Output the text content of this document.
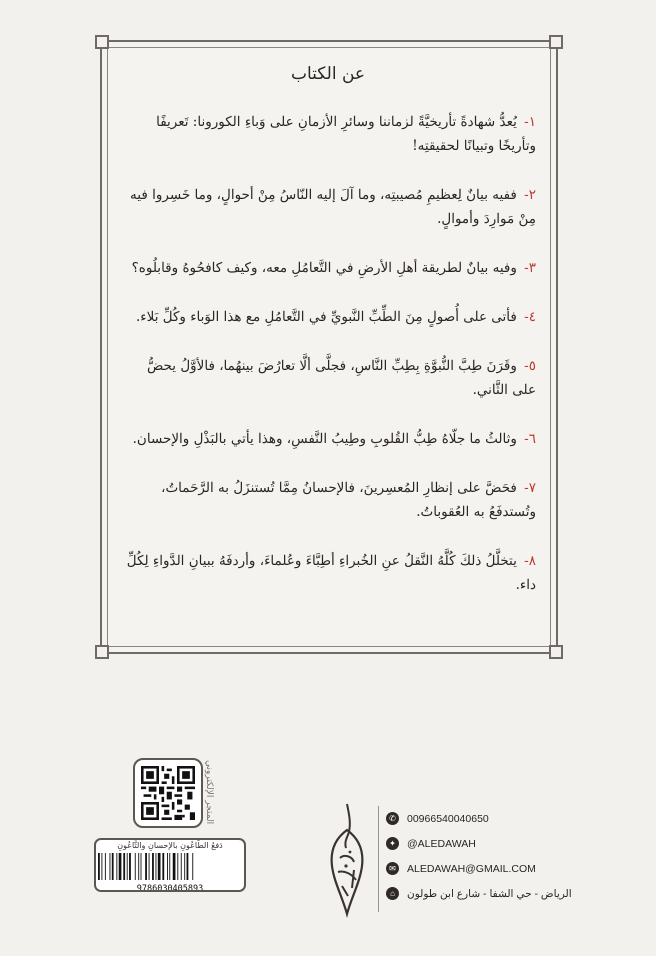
عن الكتاب
١- يُعدُّ شهادةً تأريخيَّةً لزماننا وسائرِ الأزمانِ على وَباءِ الكورونا: تَعريفًا وتأريخًا وتبيانًا لحقيقتِه!
٢- ففيه بيانٌ لِعظيمِ مُصيبتِه، وما آلَ إليه النّاسُ مِنْ أحوالٍ، وما خَسِروا فيه مِنْ مَوارِدَ وأموالٍ.
٣- وفيه بيانٌ لطريقة أهلِ الأرضِ في التَّعامُلِ معه، وكيف كافحُوهُ وقابلُوه؟
٤- فأتى على أُصولٍ مِنَ الطِّبِّ النَّبويِّ في التَّعامُلِ مع هذا الوَباء وكُلِّ بَلاء.
٥- وقَرَنَ طِبَّ النُّبوَّةِ بِطِبِّ النَّاسِ، فجلَّى ألَّا تعارُضَ بينهُما، فالأوَّلُ يحضُّ على الثَّاني.
٦- وثالثُ ما جلّاهُ طِبُّ القُلوبِ وطِيبُ النَّفسِ، وهذا يأتي بالبَذْلِ والإحسان.
٧- فحَضَّ على إنظارِ المُعسِرينَ، فالإحسانُ مِمَّا تُستنزَلُ به الرَّحَماتُ، وتُستدفَعُ به العُقوباتُ.
٨- يتخلَّلُ ذلكَ كُلَّهُ النَّقلُ عنِ الخُبراءِ أطِبَّاءَ وعُلماءَ، وأردفَهُ ببيانِ الدَّواءِ لِكُلِّ داء.
المتجر الإلكتروني
دَفعُ الطَّاعُونِ بالإحسانِ والتَّاعُونِ
9786030405893
✆	00966540040650
✦	@ALEDAWAH
✉	ALEDAWAH@GMAIL.COM
⌂	الرياض - حي الشفا - شارع ابن طولون
